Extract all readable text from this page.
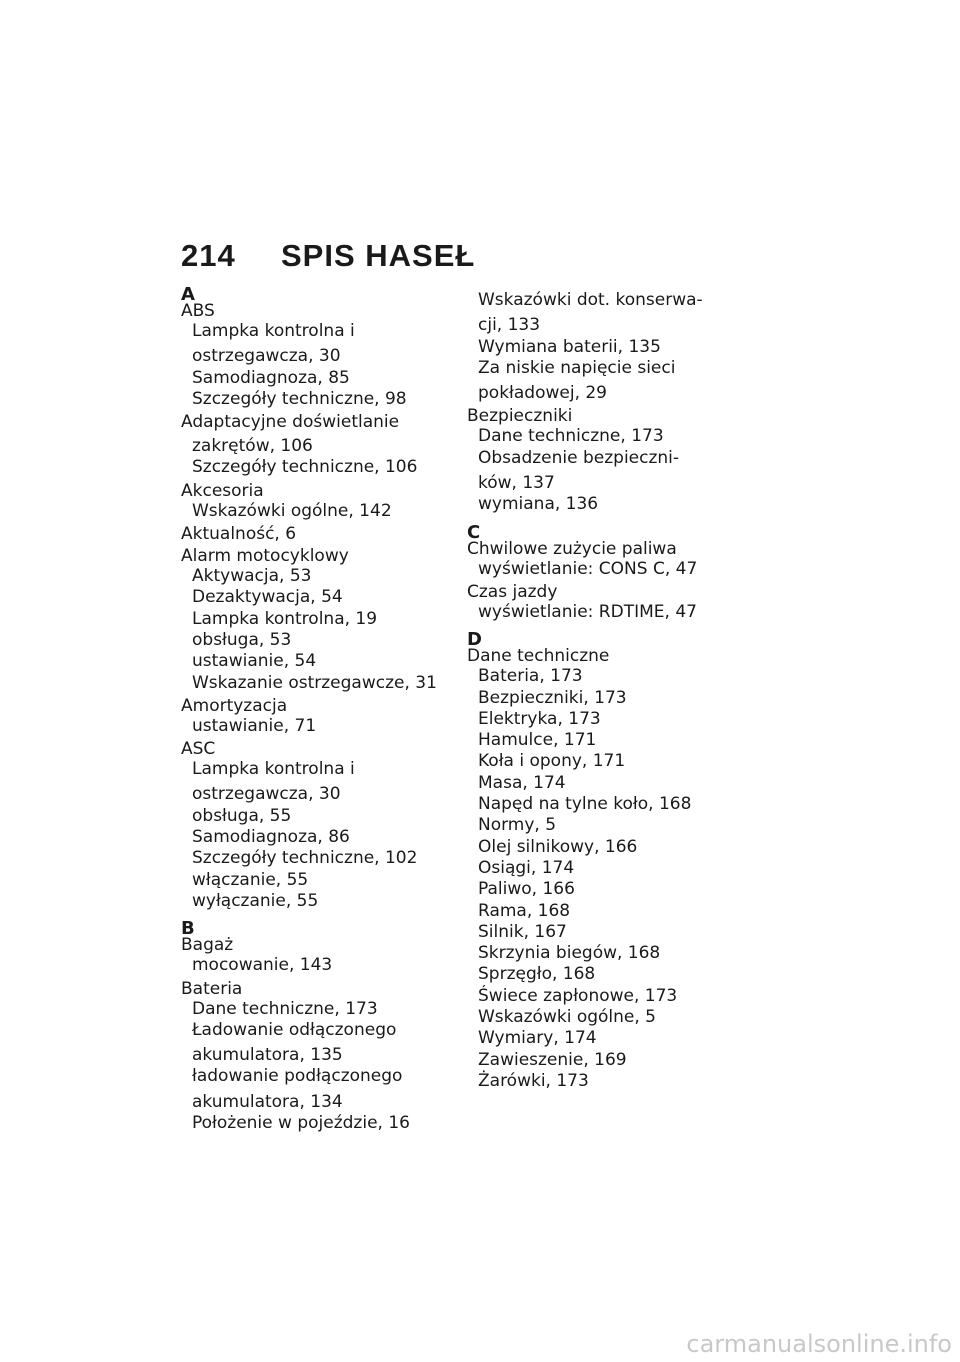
214 SPIS HASEŁ
A
ABS
Lampka kontrolna i
ostrzegawcza, 30
Samodiagnoza, 85
Szczegóły techniczne, 98
Adaptacyjne doświetlanie
zakrętów, 106
Szczegóły techniczne, 106
Akcesoria
Wskazówki ogólne, 142
Aktualność, 6
Alarm motocyklowy
Aktywacja, 53
Dezaktywacja, 54
Lampka kontrolna, 19
obsługa, 53
ustawianie, 54
Wskazanie ostrzegawcze, 31
Amortyzacja
ustawianie, 71
ASC
Lampka kontrolna i
ostrzegawcza, 30
obsługa, 55
Samodiagnoza, 86
Szczegóły techniczne, 102
włączanie, 55
wyłączanie, 55
B
Bagaż
mocowanie, 143
Bateria
Dane techniczne, 173
Ładowanie odłączonego
akumulatora, 135
ładowanie podłączonego
akumulatora, 134
Położenie w pojeździe, 16
Wskazówki dot. konserwa-
cji, 133
Wymiana baterii, 135
Za niskie napięcie sieci
pokładowej, 29
Bezpieczniki
Dane techniczne, 173
Obsadzenie bezpieczni-
ków, 137
wymiana, 136
C
Chwilowe zużycie paliwa
wyświetlanie: CONS C, 47
Czas jazdy
wyświetlanie: RDTIME, 47
D
Dane techniczne
Bateria, 173
Bezpieczniki, 173
Elektryka, 173
Hamulce, 171
Koła i opony, 171
Masa, 174
Napęd na tylne koło, 168
Normy, 5
Olej silnikowy, 166
Osiągi, 174
Paliwo, 166
Rama, 168
Silnik, 167
Skrzynia biegów, 168
Sprzęgło, 168
Świece zapłonowe, 173
Wskazówki ogólne, 5
Wymiary, 174
Zawieszenie, 169
Żarówki, 173
carmanualsonline.info
